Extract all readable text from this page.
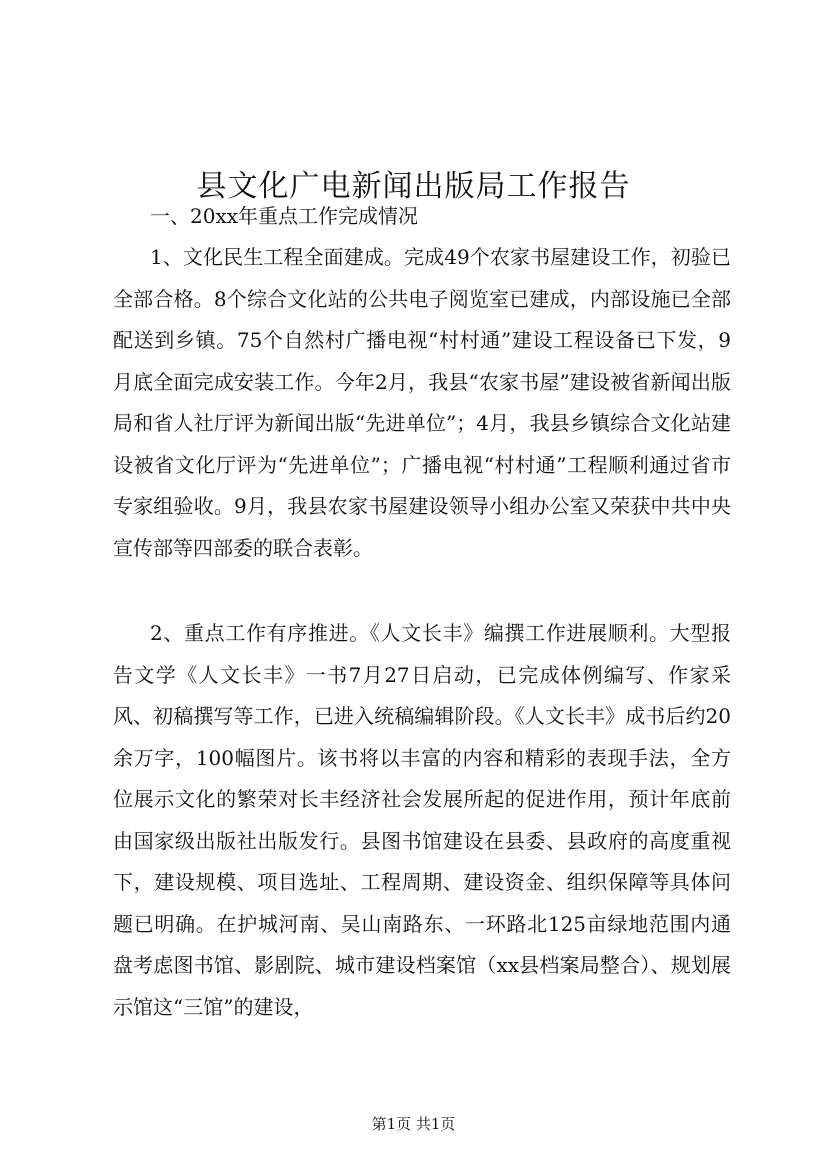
县文化广电新闻出版局工作报告
一、20xx年重点工作完成情况

1、文化民生工程全面建成。完成49个农家书屋建设工作，初验已全部合格。8个综合文化站的公共电子阅览室已建成，内部设施已全部配送到乡镇。75个自然村广播电视“村村通”建设工程设备已下发，9月底全面完成安装工作。今年2月，我县“农家书屋”建设被省新闻出版局和省人社厅评为新闻出版“先进单位”；4月，我县乡镇综合文化站建设被省文化厅评为“先进单位”；广播电视“村村通”工程顺利通过省市专家组验收。9月，我县农家书屋建设领导小组办公室又荣获中共中央宣传部等四部委的联合表彰。

2、重点工作有序推进。《人文长丰》编撰工作进展顺利。大型报告文学《人文长丰》一书7月27日启动，已完成体例编写、作家采风、初稿撰写等工作，已进入统稿编辑阶段。《人文长丰》成书后约20余万字，100幅图片。该书将以丰富的内容和精彩的表现手法，全方位展示文化的繁荣对长丰经济社会发展所起的促进作用，预计年底前由国家级出版社出版发行。县图书馆建设在县委、县政府的高度重视下，建设规模、项目选址、工程周期、建设资金、组织保障等具体问题已明确。在护城河南、吴山南路东、一环路北125亩绿地范围内通盘考虑图书馆、影剧院、城市建设档案馆（xx县档案局整合）、规划展示馆这“三馆”的建设，

第1页 共1页
